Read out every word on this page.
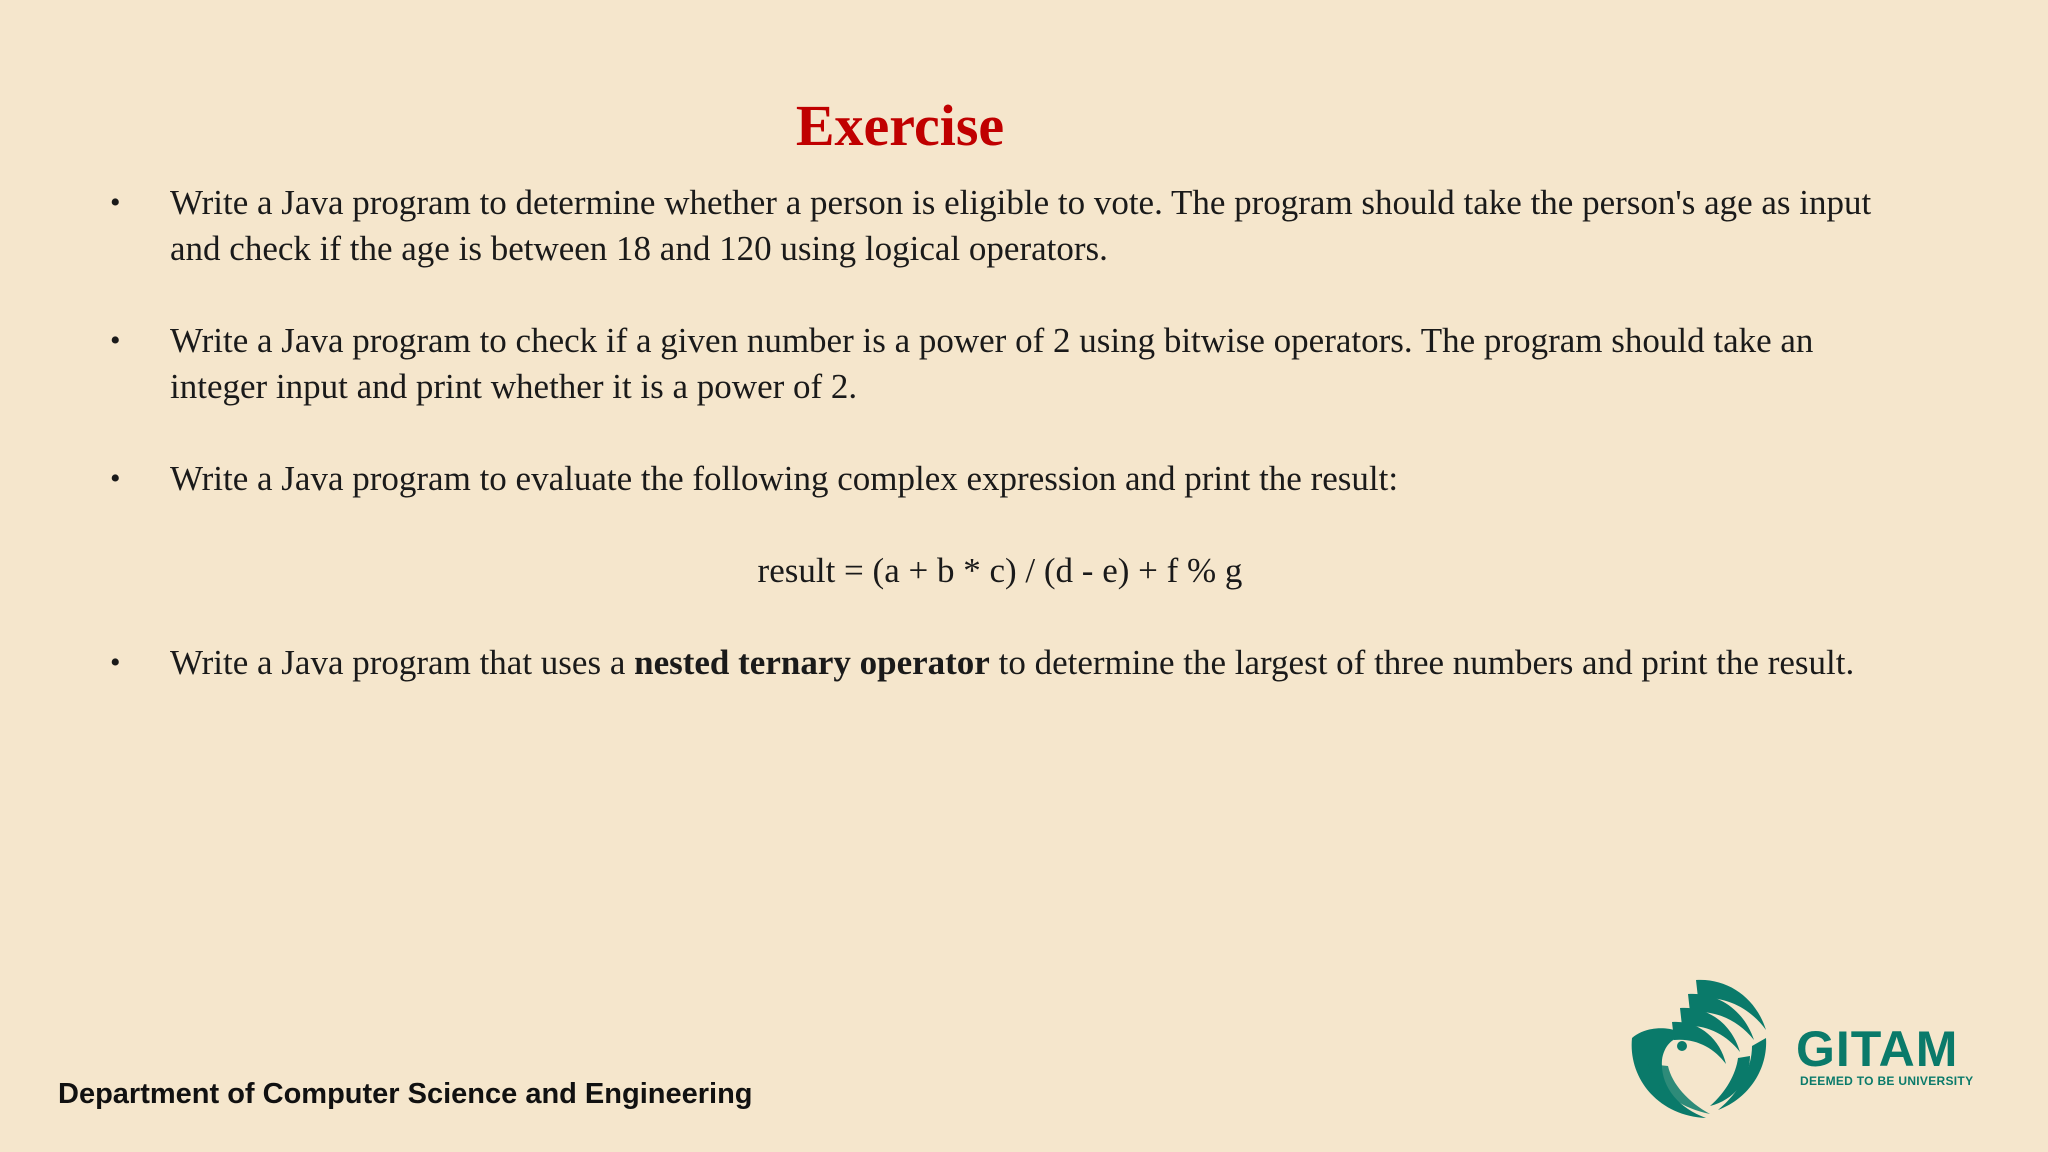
Exercise
• Write a Java program to determine whether a person is eligible to vote. The program should take the person's age as input and check if the age is between 18 and 120 using logical operators.
• Write a Java program to check if a given number is a power of 2 using bitwise operators. The program should take an integer input and print whether it is a power of 2.
• Write a Java program to evaluate the following complex expression and print the result:
result = (a + b * c) / (d - e) + f % g
• Write a Java program that uses a nested ternary operator to determine the largest of three numbers and print the result.
Department of Computer Science and Engineering
GITAM
DEEMED TO BE UNIVERSITY
